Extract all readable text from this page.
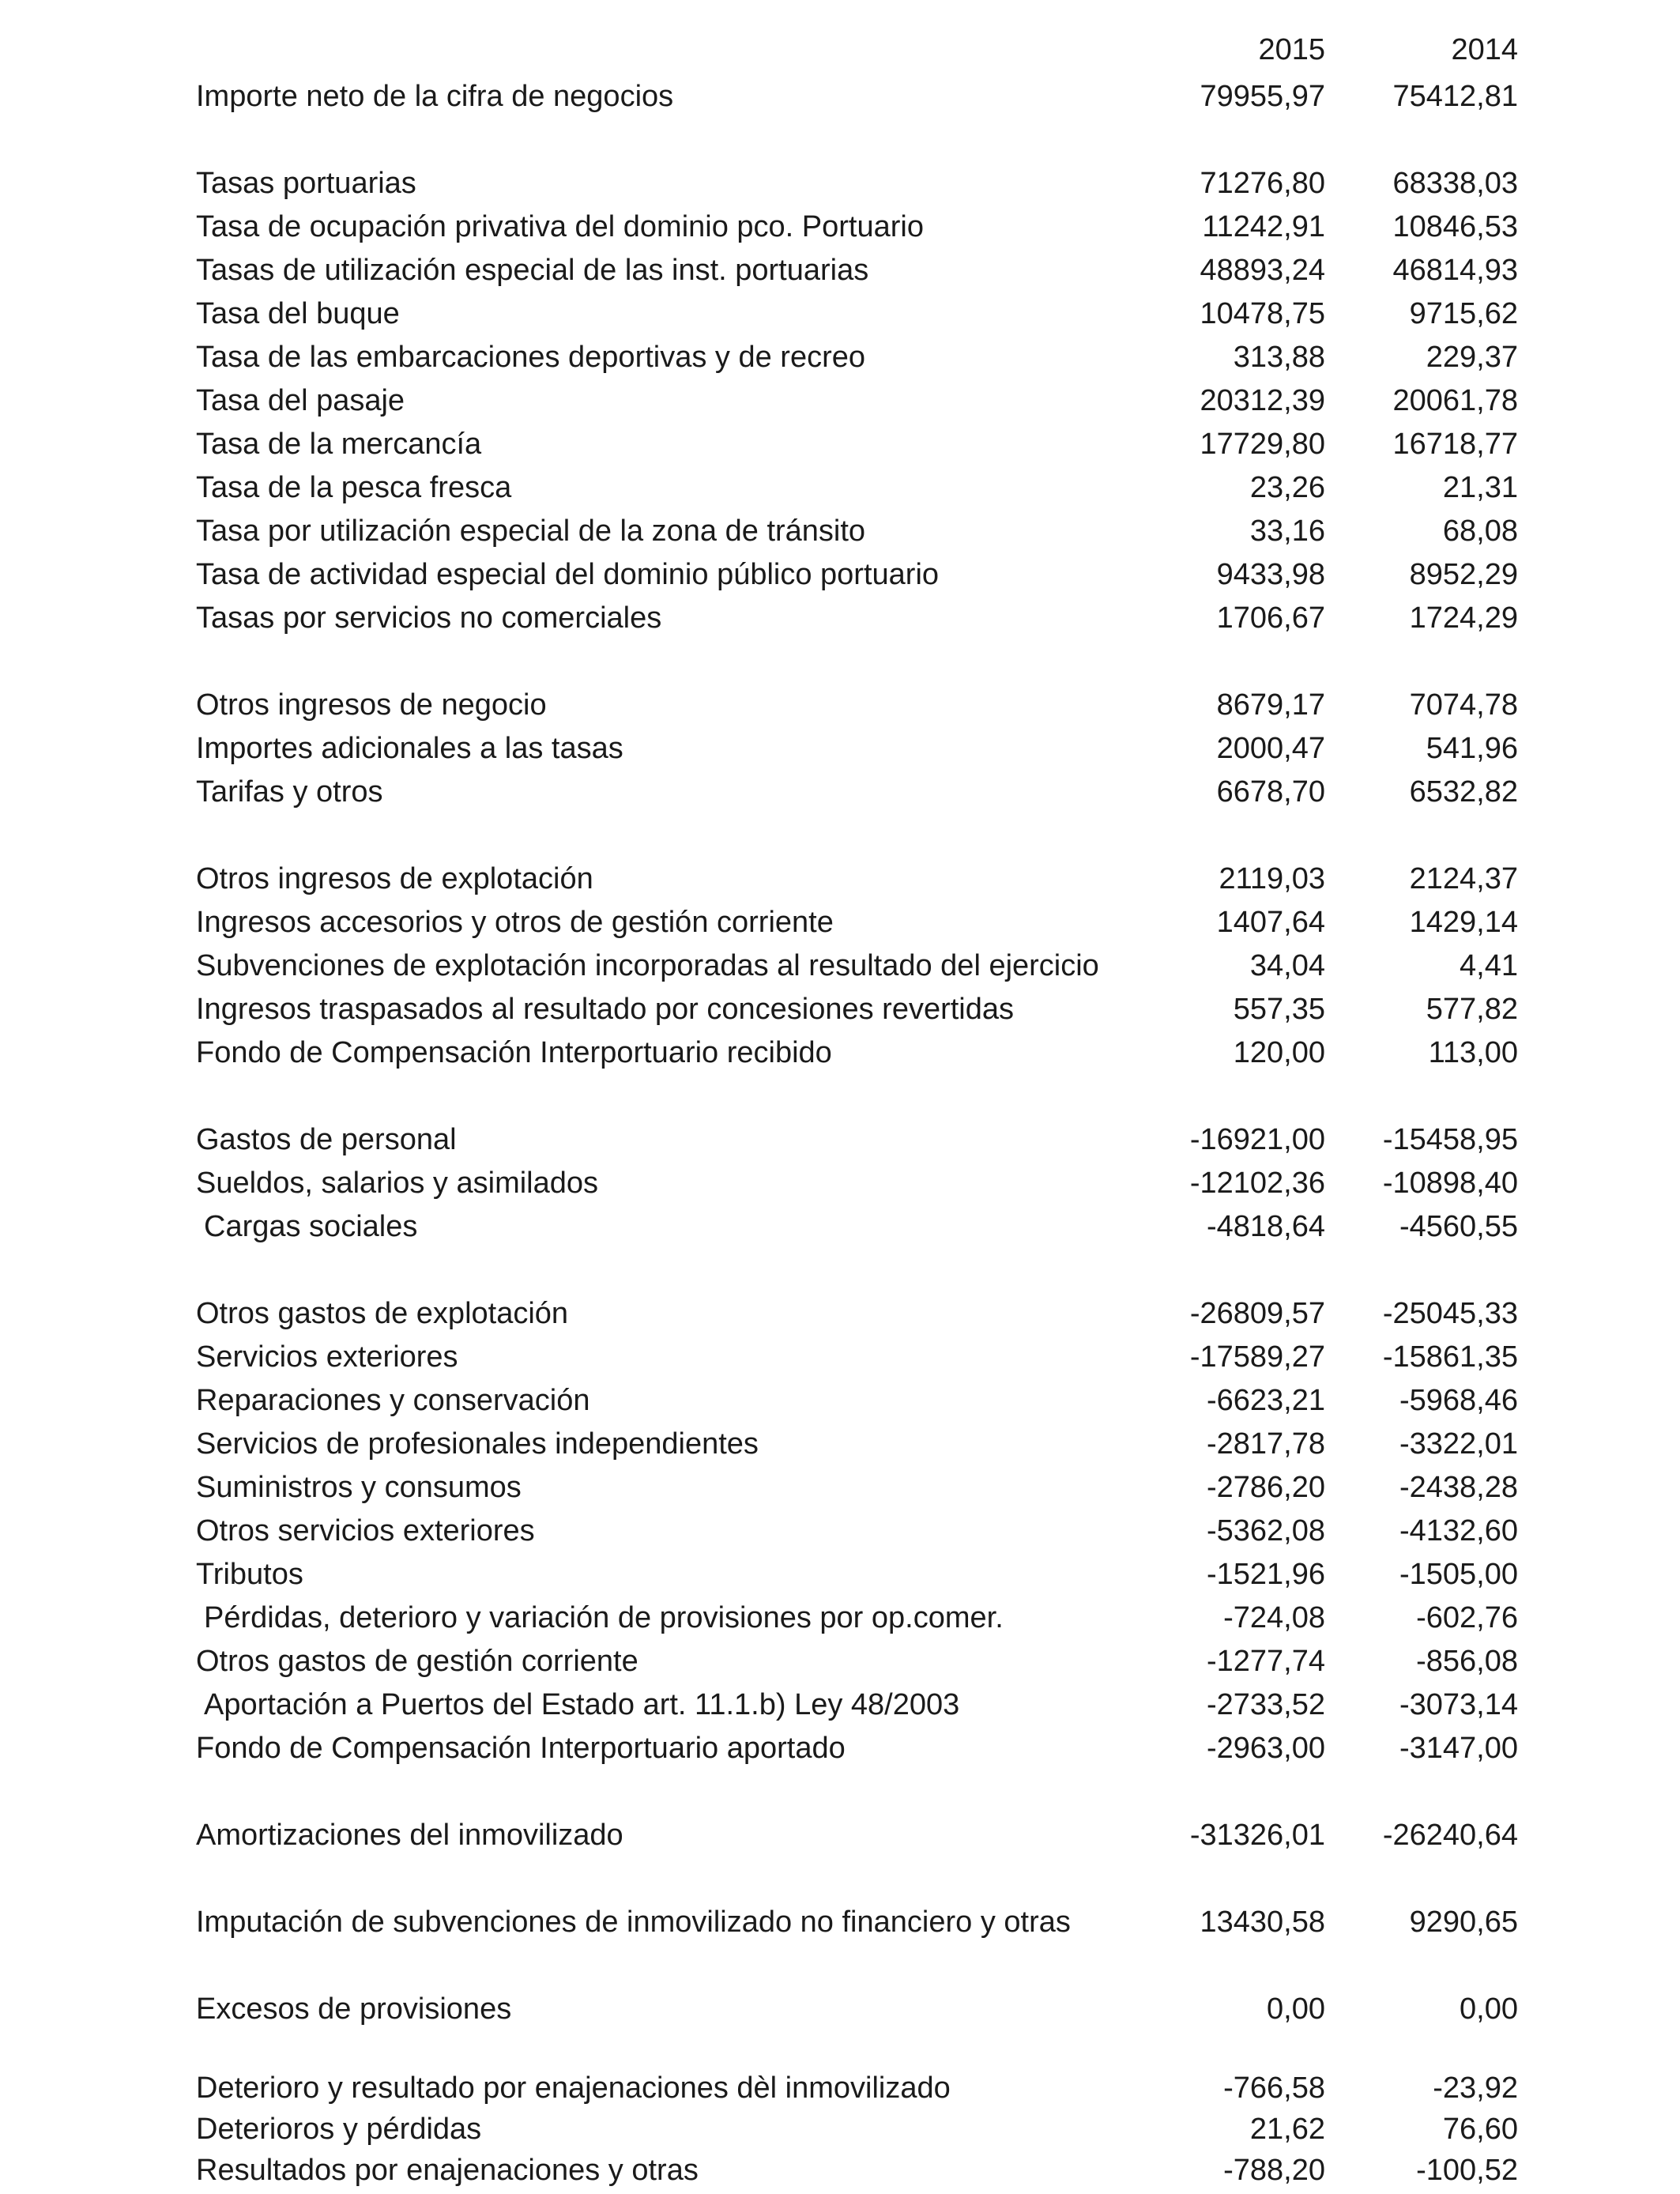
2015	2014
Importe neto de la cifra de negocios	79955,97	75412,81
Tasas portuarias	71276,80	68338,03
Tasa de ocupación privativa del dominio pco. Portuario	11242,91	10846,53
Tasas de utilización especial de las inst. portuarias	48893,24	46814,93
Tasa del buque	10478,75	9715,62
Tasa de las embarcaciones deportivas y de recreo	313,88	229,37
Tasa del pasaje	20312,39	20061,78
Tasa de la mercancía	17729,80	16718,77
Tasa de la pesca fresca	23,26	21,31
Tasa por utilización especial de la zona de tránsito	33,16	68,08
Tasa de actividad especial del dominio público portuario	9433,98	8952,29
Tasas por servicios no comerciales	1706,67	1724,29
Otros ingresos de negocio	8679,17	7074,78
Importes adicionales a las tasas	2000,47	541,96
Tarifas y otros	6678,70	6532,82
Otros ingresos de explotación	2119,03	2124,37
Ingresos accesorios y otros de gestión corriente	1407,64	1429,14
Subvenciones de explotación incorporadas al resultado del ejercicio	34,04	4,41
Ingresos traspasados al resultado por concesiones revertidas	557,35	577,82
Fondo de Compensación Interportuario recibido	120,00	113,00
Gastos de personal	-16921,00	-15458,95
Sueldos, salarios y asimilados	-12102,36	-10898,40
Cargas sociales	-4818,64	-4560,55
Otros gastos de explotación	-26809,57	-25045,33
Servicios exteriores	-17589,27	-15861,35
Reparaciones y conservación	-6623,21	-5968,46
Servicios de profesionales independientes	-2817,78	-3322,01
Suministros y consumos	-2786,20	-2438,28
Otros servicios exteriores	-5362,08	-4132,60
Tributos	-1521,96	-1505,00
Pérdidas, deterioro y variación de provisiones por op.comer.	-724,08	-602,76
Otros gastos de gestión corriente	-1277,74	-856,08
Aportación a Puertos del Estado art. 11.1.b) Ley 48/2003	-2733,52	-3073,14
Fondo de Compensación Interportuario aportado	-2963,00	-3147,00
Amortizaciones del inmovilizado	-31326,01	-26240,64
Imputación de subvenciones de inmovilizado no financiero y otras	13430,58	9290,65
Excesos de provisiones	0,00	0,00
Deterioro y resultado por enajenaciones dèl inmovilizado	-766,58	-23,92
Deterioros y pérdidas	21,62	76,60
Resultados por enajenaciones y otras	-788,20	-100,52
